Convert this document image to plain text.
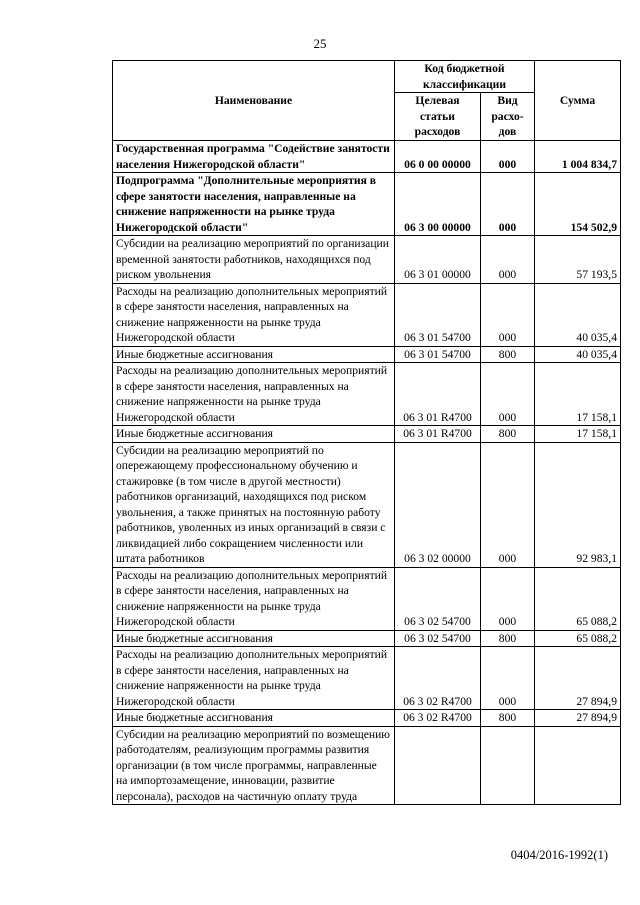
25
Наименование	Код бюджетной классификации		Сумма
	Целевая статьи расходов	Вид расхо-дов	
Государственная программа "Содействие занятости населения Нижегородской области"	06 0 00 00000	000	1 004 834,7
Подпрограмма "Дополнительные мероприятия в сфере занятости населения, направленные на снижение напряженности на рынке труда Нижегородской области"	06 3 00 00000	000	154 502,9
Субсидии на реализацию мероприятий по организации временной занятости работников, находящихся под риском увольнения	06 3 01 00000	000	57 193,5
Расходы на реализацию дополнительных мероприятий в сфере занятости населения, направленных на снижение напряженности на рынке труда Нижегородской области	06 3 01 54700	000	40 035,4
Иные бюджетные ассигнования	06 3 01 54700	800	40 035,4
Расходы на реализацию дополнительных мероприятий в сфере занятости населения, направленных на снижение напряженности на рынке труда Нижегородской области	06 3 01 R4700	000	17 158,1
Иные бюджетные ассигнования	06 3 01 R4700	800	17 158,1
Субсидии на реализацию мероприятий по опережающему профессиональному обучению и стажировке (в том числе в другой местности) работников организаций, находящихся под риском увольнения, а также принятых на постоянную работу работников, уволенных из иных организаций в связи с ликвидацией либо сокращением численности или штата работников	06 3 02 00000	000	92 983,1
Расходы на реализацию дополнительных мероприятий в сфере занятости населения, направленных на снижение напряженности на рынке труда Нижегородской области	06 3 02 54700	000	65 088,2
Иные бюджетные ассигнования	06 3 02 54700	800	65 088,2
Расходы на реализацию дополнительных мероприятий в сфере занятости населения, направленных на снижение напряженности на рынке труда Нижегородской области	06 3 02 R4700	000	27 894,9
Иные бюджетные ассигнования	06 3 02 R4700	800	27 894,9
Субсидии на реализацию мероприятий по возмещению работодателям, реализующим программы развития организации (в том числе программы, направленные на импортозамещение, инновации, развитие персонала), расходов на частичную оплату труда			
0404/2016-1992(1)
